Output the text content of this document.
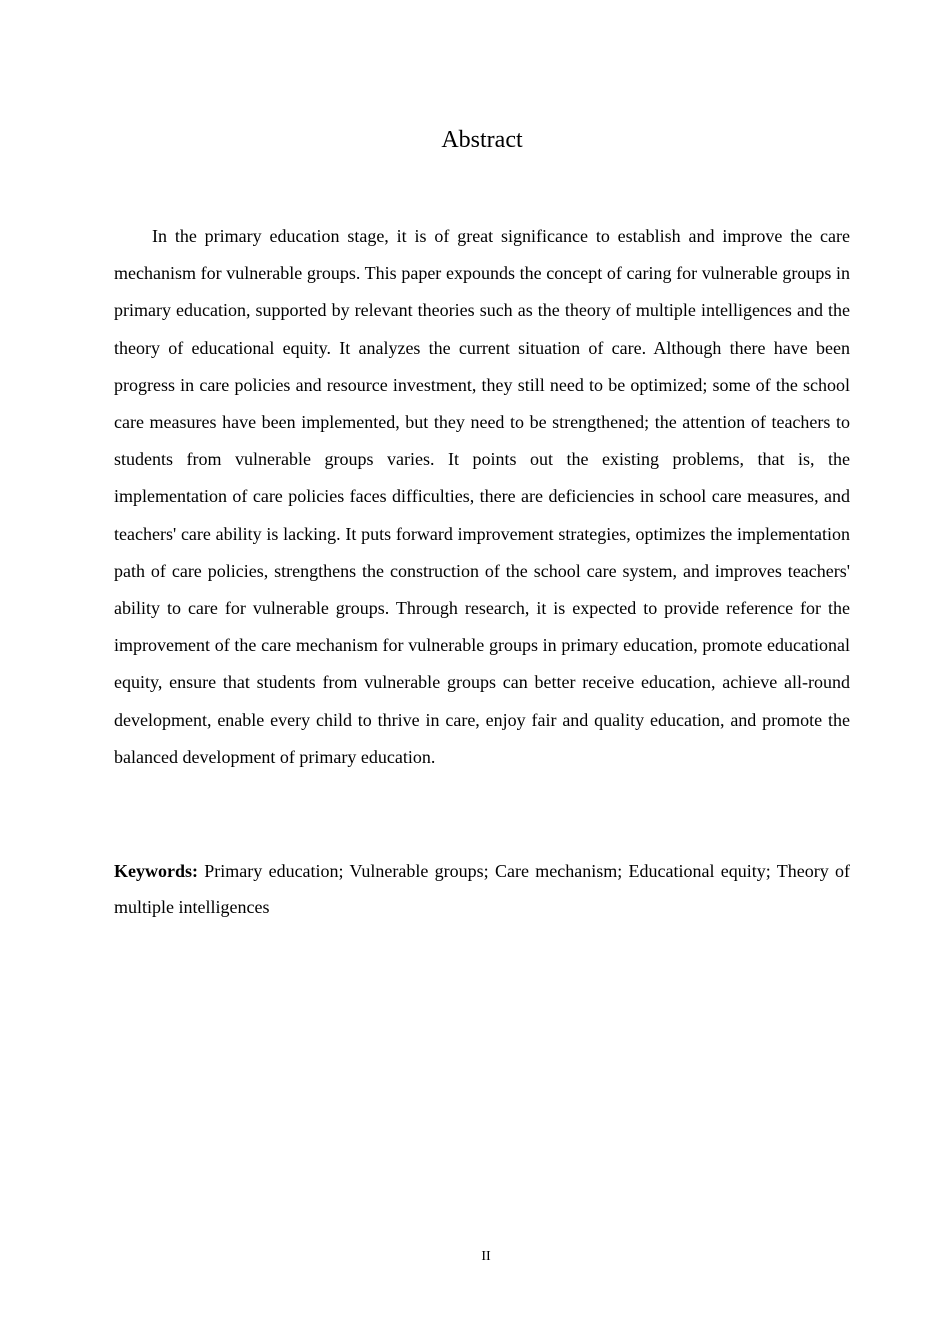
Abstract

In the primary education stage, it is of great significance to establish and improve the care mechanism for vulnerable groups. This paper expounds the concept of caring for vulnerable groups in primary education, supported by relevant theories such as the theory of multiple intelligences and the theory of educational equity. It analyzes the current situation of care. Although there have been progress in care policies and resource investment, they still need to be optimized; some of the school care measures have been implemented, but they need to be strengthened; the attention of teachers to students from vulnerable groups varies. It points out the existing problems, that is, the implementation of care policies faces difficulties, there are deficiencies in school care measures, and teachers' care ability is lacking. It puts forward improvement strategies, optimizes the implementation path of care policies, strengthens the construction of the school care system, and improves teachers' ability to care for vulnerable groups. Through research, it is expected to provide reference for the improvement of the care mechanism for vulnerable groups in primary education, promote educational equity, ensure that students from vulnerable groups can better receive education, achieve all-round development, enable every child to thrive in care, enjoy fair and quality education, and promote the balanced development of primary education.

Keywords: Primary education; Vulnerable groups; Care mechanism; Educational equity; Theory of multiple intelligences

II
